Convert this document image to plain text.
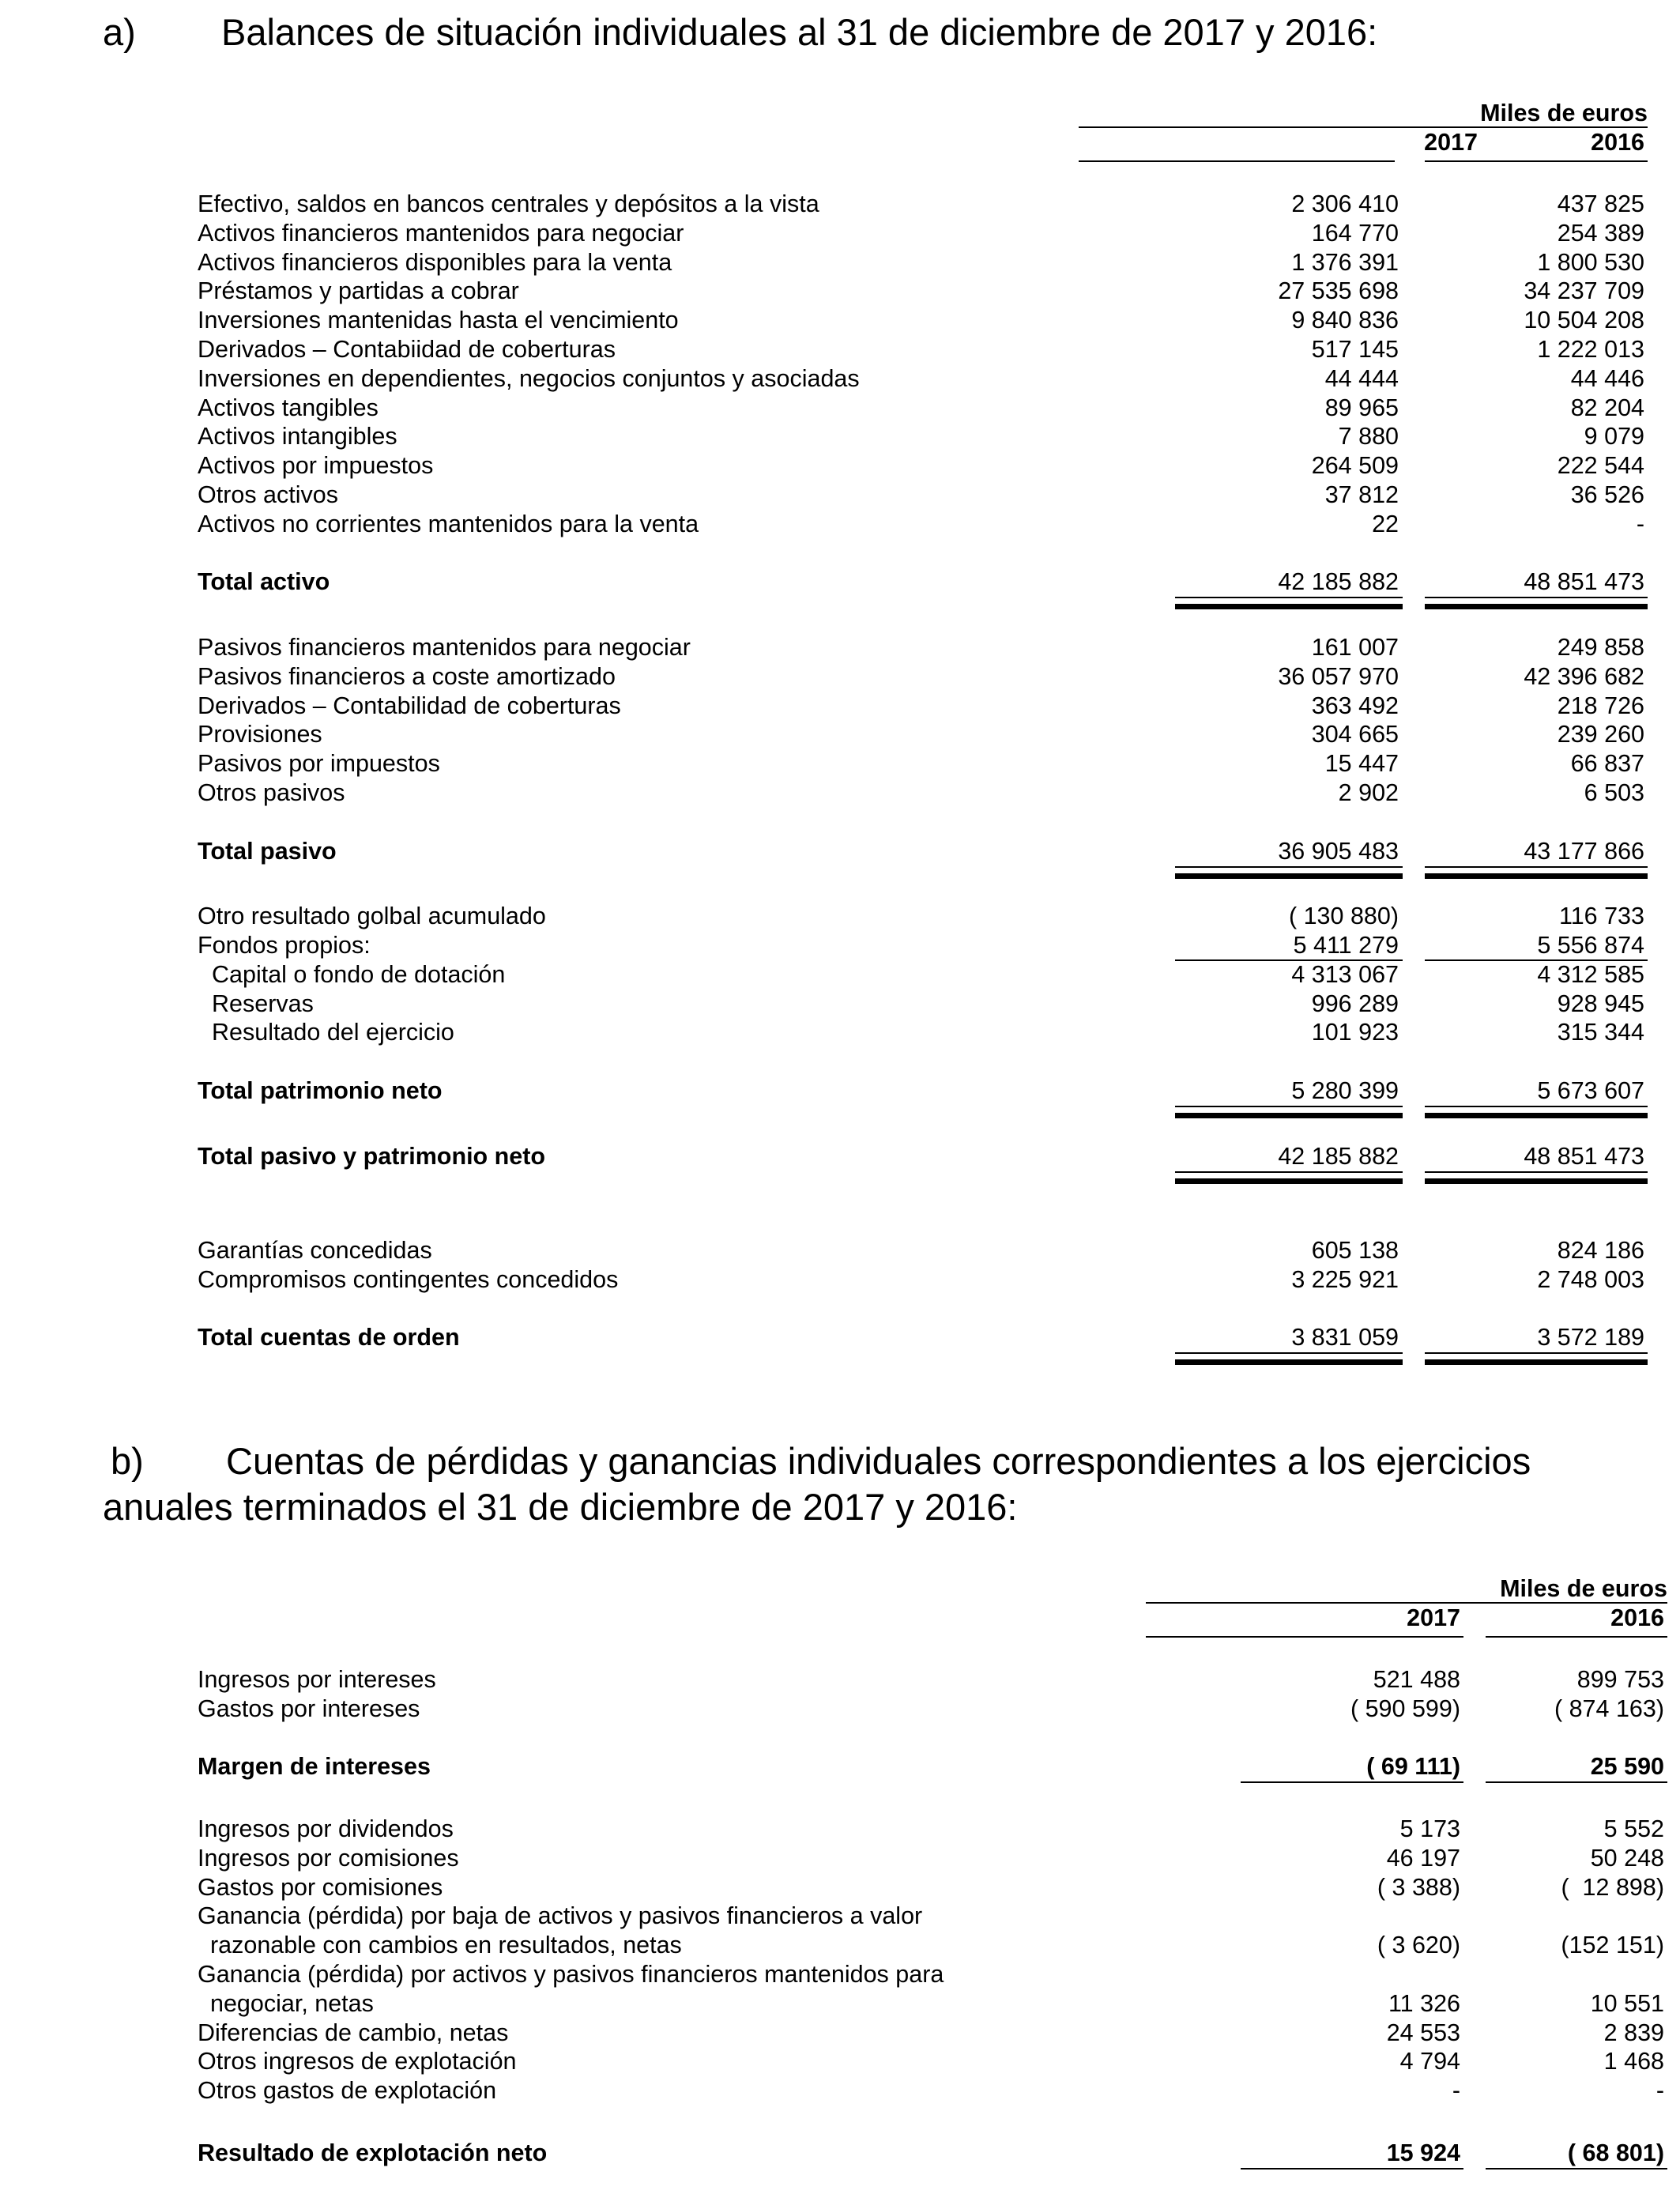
a) Balances de situación individuales al 31 de diciembre de 2017 y 2016:
Miles de euros
2017	2016
Efectivo, saldos en bancos centrales y depósitos a la vista	2 306 410	437 825
Activos financieros mantenidos para negociar	164 770	254 389
Activos financieros disponibles para la venta	1 376 391	1 800 530
Préstamos y partidas a cobrar	27 535 698	34 237 709
Inversiones mantenidas hasta el vencimiento	9 840 836	10 504 208
Derivados – Contabiidad de coberturas	517 145	1 222 013
Inversiones en dependientes, negocios conjuntos y asociadas	44 444	44 446
Activos tangibles	89 965	82 204
Activos intangibles	7 880	9 079
Activos por impuestos	264 509	222 544
Otros activos	37 812	36 526
Activos no corrientes mantenidos para la venta	22	-
Total activo	42 185 882	48 851 473
Pasivos financieros mantenidos para negociar	161 007	249 858
Pasivos financieros a coste amortizado	36 057 970	42 396 682
Derivados – Contabilidad de coberturas	363 492	218 726
Provisiones	304 665	239 260
Pasivos por impuestos	15 447	66 837
Otros pasivos	2 902	6 503
Total pasivo	36 905 483	43 177 866
Otro resultado golbal acumulado	( 130 880)	116 733
Fondos propios:	5 411 279	5 556 874
Capital o fondo de dotación	4 313 067	4 312 585
Reservas	996 289	928 945
Resultado del ejercicio	101 923	315 344
Total patrimonio neto	5 280 399	5 673 607
Total pasivo y patrimonio neto	42 185 882	48 851 473
Garantías concedidas	605 138	824 186
Compromisos contingentes concedidos	3 225 921	2 748 003
Total cuentas de orden	3 831 059	3 572 189
b) Cuentas de pérdidas y ganancias individuales correspondientes a los ejercicios
anuales terminados el 31 de diciembre de 2017 y 2016:
Miles de euros
2017	2016
Ingresos por intereses	521 488	899 753
Gastos por intereses	( 590 599)	( 874 163)
Margen de intereses	( 69 111)	25 590
Ingresos por dividendos	5 173	5 552
Ingresos por comisiones	46 197	50 248
Gastos por comisiones	( 3 388)	(  12 898)
Ganancia (pérdida) por baja de activos y pasivos financieros a valor
razonable con cambios en resultados, netas	( 3 620)	(152 151)
Ganancia (pérdida) por activos y pasivos financieros mantenidos para
negociar, netas	11 326	10 551
Diferencias de cambio, netas	24 553	2 839
Otros ingresos de explotación	4 794	1 468
Otros gastos de explotación	-	-
Resultado de explotación neto	15 924	( 68 801)
